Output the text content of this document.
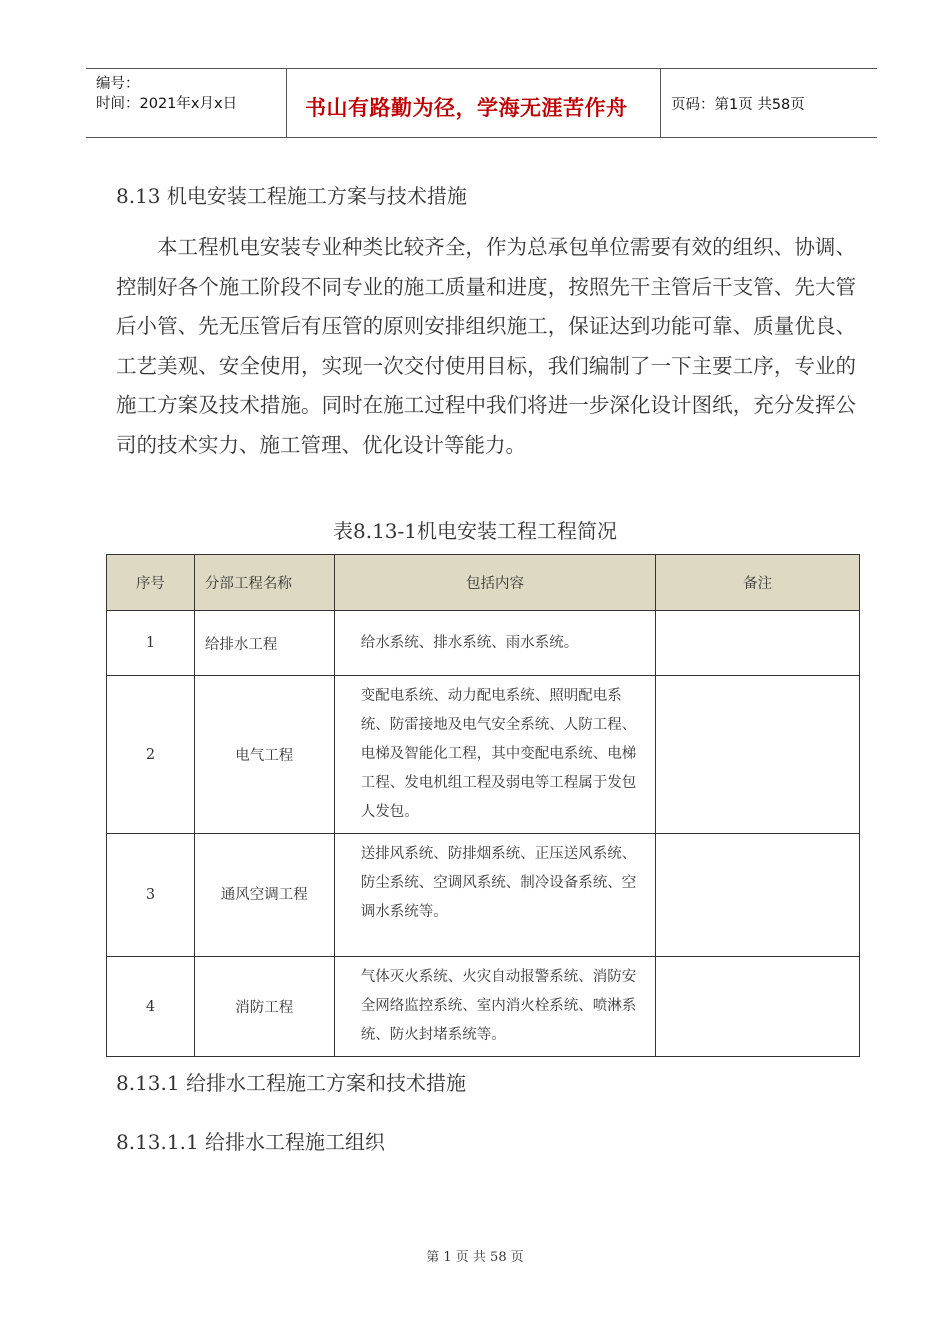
编号：
时间：2021年x月x日	书山有路勤为径，学海无涯苦作舟	页码：第1页 共58页
8.13 机电安装工程施工方案与技术措施

本工程机电安装专业种类比较齐全，作为总承包单位需要有效的组织、协调、控制好各个施工阶段不同专业的施工质量和进度，按照先干主管后干支管、先大管后小管、先无压管后有压管的原则安排组织施工，保证达到功能可靠、质量优良、工艺美观、安全使用，实现一次交付使用目标，我们编制了一下主要工序，专业的施工方案及技术措施。同时在施工过程中我们将进一步深化设计图纸，充分发挥公司的技术实力、施工管理、优化设计等能力。

表8.13-1机电安装工程工程简况
序号	分部工程名称	包括内容	备注
1	给排水工程	给水系统、排水系统、雨水系统。	
2	电气工程	变配电系统、动力配电系统、照明配电系统、防雷接地及电气安全系统、人防工程、电梯及智能化工程，其中变配电系统、电梯工程、发电机组工程及弱电等工程属于发包人发包。	
3	通风空调工程	送排风系统、防排烟系统、正压送风系统、防尘系统、空调风系统、制冷设备系统、空调水系统等。	
4	消防工程	气体灭火系统、火灾自动报警系统、消防安全网络监控系统、室内消火栓系统、喷淋系统、防火封堵系统等。	
8.13.1 给排水工程施工方案和技术措施
8.13.1.1 给排水工程施工组织
第 1 页 共 58 页
